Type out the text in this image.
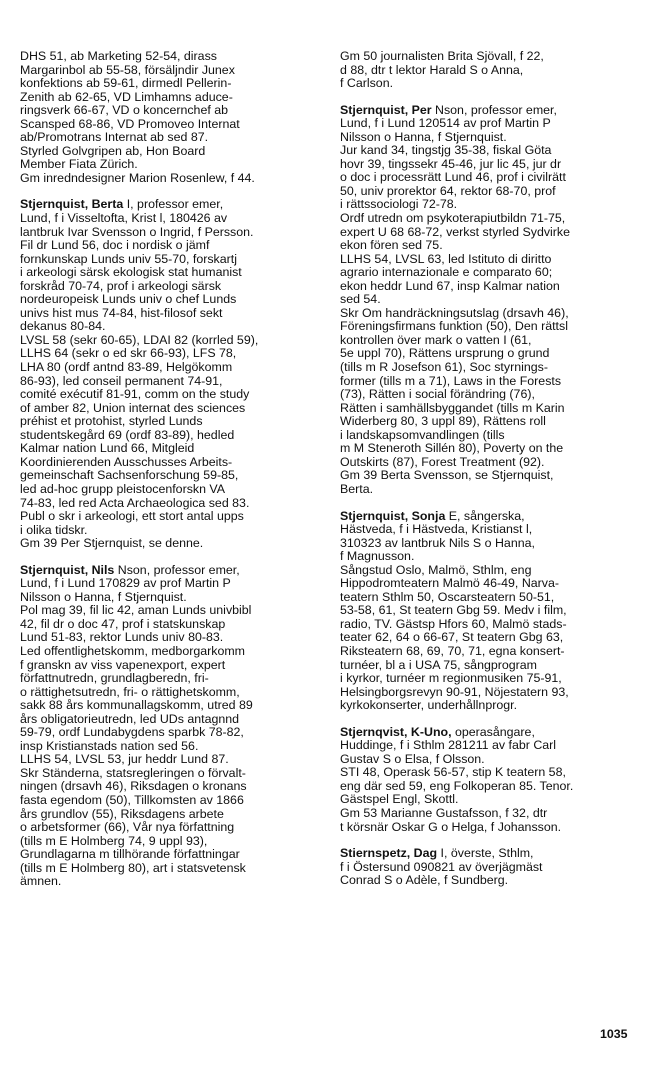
DHS 51, ab Marketing 52-54, dirass
Margarinbol ab 55-58, försäljndir Junex
konfektions ab 59-61, dirmedl Pellerin-
Zenith ab 62-65, VD Limhamns aduce-
ringsverk 66-67, VD o koncernchef ab
Scansped 68-86, VD Promoveo Internat
ab/Promotrans Internat ab sed 87.
Styrled Golvgripen ab, Hon Board
Member Fiata Zürich.
Gm inredndesigner Marion Rosenlew, f 44.
Stjernquist, Berta I, professor emer,
Lund, f i Visseltofta, Krist l, 180426 av
lantbruk Ivar Svensson o Ingrid, f Persson.
Fil dr Lund 56, doc i nordisk o jämf
fornkunskap Lunds univ 55-70, forskartj
i arkeologi särsk ekologisk stat humanist
forskråd 70-74, prof i arkeologi särsk
nordeuropeisk Lunds univ o chef Lunds
univs hist mus 74-84, hist-filosof sekt
dekanus 80-84.
LVSL 58 (sekr 60-65), LDAI 82 (korrled 59),
LLHS 64 (sekr o ed skr 66-93), LFS 78,
LHA 80 (ordf antnd 83-89, Helgökomm
86-93), led conseil permanent 74-91,
comité exécutif 81-91, comm on the study
of amber 82, Union internat des sciences
préhist et protohist, styrled Lunds
studentskegård 69 (ordf 83-89), hedled
Kalmar nation Lund 66, Mitgleid
Koordinierenden Ausschusses Arbeits-
gemeinschaft Sachsenforschung 59-85,
led ad-hoc grupp pleistocenforskn VA
74-83, led red Acta Archaeologica sed 83.
Publ o skr i arkeologi, ett stort antal upps
i olika tidskr.
Gm 39 Per Stjernquist, se denne.
Stjernquist, Nils Nson, professor emer,
Lund, f i Lund 170829 av prof Martin P
Nilsson o Hanna, f Stjernquist.
Pol mag 39, fil lic 42, aman Lunds univbibl
42, fil dr o doc 47, prof i statskunskap
Lund 51-83, rektor Lunds univ 80-83.
Led offentlighetskomm, medborgarkomm
f granskn av viss vapenexport, expert
författnutredn, grundlagberedn, fri-
o rättighetsutredn, fri- o rättighetskomm,
sakk 88 års kommunallagskomm, utred 89
års obligatorieutredn, led UDs antagnnd
59-79, ordf Lundabygdens sparbk 78-82,
insp Kristianstads nation sed 56.
LLHS 54, LVSL 53, jur heddr Lund 87.
Skr Ständerna, statsregleringen o förvalt-
ningen (drsavh 46), Riksdagen o kronans
fasta egendom (50), Tillkomsten av 1866
års grundlov (55), Riksdagens arbete
o arbetsformer (66), Vår nya författning
(tills m E Holmberg 74, 9 uppl 93),
Grundlagarna m tillhörande författningar
(tills m E Holmberg 80), art i statsvetensk
ämnen.
Gm 50 journalisten Brita Sjövall, f 22,
d 88, dtr t lektor Harald S o Anna,
f Carlson.
Stjernquist, Per Nson, professor emer,
Lund, f i Lund 120514 av prof Martin P
Nilsson o Hanna, f Stjernquist.
Jur kand 34, tingstjg 35-38, fiskal Göta
hovr 39, tingssekr 45-46, jur lic 45, jur dr
o doc i processrätt Lund 46, prof i civilrätt
50, univ prorektor 64, rektor 68-70, prof
i rättssociologi 72-78.
Ordf utredn om psykoterapiutbildn 71-75,
expert U 68 68-72, verkst styrled Sydvirke
ekon fören sed 75.
LLHS 54, LVSL 63, led Istituto di diritto
agrario internazionale e comparato 60;
ekon heddr Lund 67, insp Kalmar nation
sed 54.
Skr Om handräckningsutslag (drsavh 46),
Föreningsfirmans funktion (50), Den rättsl
kontrollen över mark o vatten I (61,
5e uppl 70), Rättens ursprung o grund
(tills m R Josefson 61), Soc styrnings-
former (tills m a 71), Laws in the Forests
(73), Rätten i social förändring (76),
Rätten i samhällsbyggandet (tills m Karin
Widerberg 80, 3 uppl 89), Rättens roll
i landskapsomvandlingen (tills
m M Steneroth Sillén 80), Poverty on the
Outskirts (87), Forest Treatment (92).
Gm 39 Berta Svensson, se Stjernquist,
Berta.
Stjernquist, Sonja E, sångerska,
Hästveda, f i Hästveda, Kristianst l,
310323 av lantbruk Nils S o Hanna,
f Magnusson.
Sångstud Oslo, Malmö, Sthlm, eng
Hippodromteatern Malmö 46-49, Narva-
teatern Sthlm 50, Oscarsteatern 50-51,
53-58, 61, St teatern Gbg 59. Medv i film,
radio, TV. Gästsp Hfors 60, Malmö stads-
teater 62, 64 o 66-67, St teatern Gbg 63,
Riksteatern 68, 69, 70, 71, egna konsert-
turnéer, bl a i USA 75, sångprogram
i kyrkor, turnéer m regionmusiken 75-91,
Helsingborgsrevyn 90-91, Nöjestatern 93,
kyrkokonserter, underhållnprogr.
Stjernqvist, K-Uno, operasångare,
Huddinge, f i Sthlm 281211 av fabr Carl
Gustav S o Elsa, f Olsson.
STI 48, Operask 56-57, stip K teatern 58,
eng där sed 59, eng Folkoperan 85. Tenor.
Gästspel Engl, Skottl.
Gm 53 Marianne Gustafsson, f 32, dtr
t körsnär Oskar G o Helga, f Johansson.
Stiernspetz, Dag I, överste, Sthlm,
f i Östersund 090821 av överjägmäst
Conrad S o Adèle, f Sundberg.
1035
